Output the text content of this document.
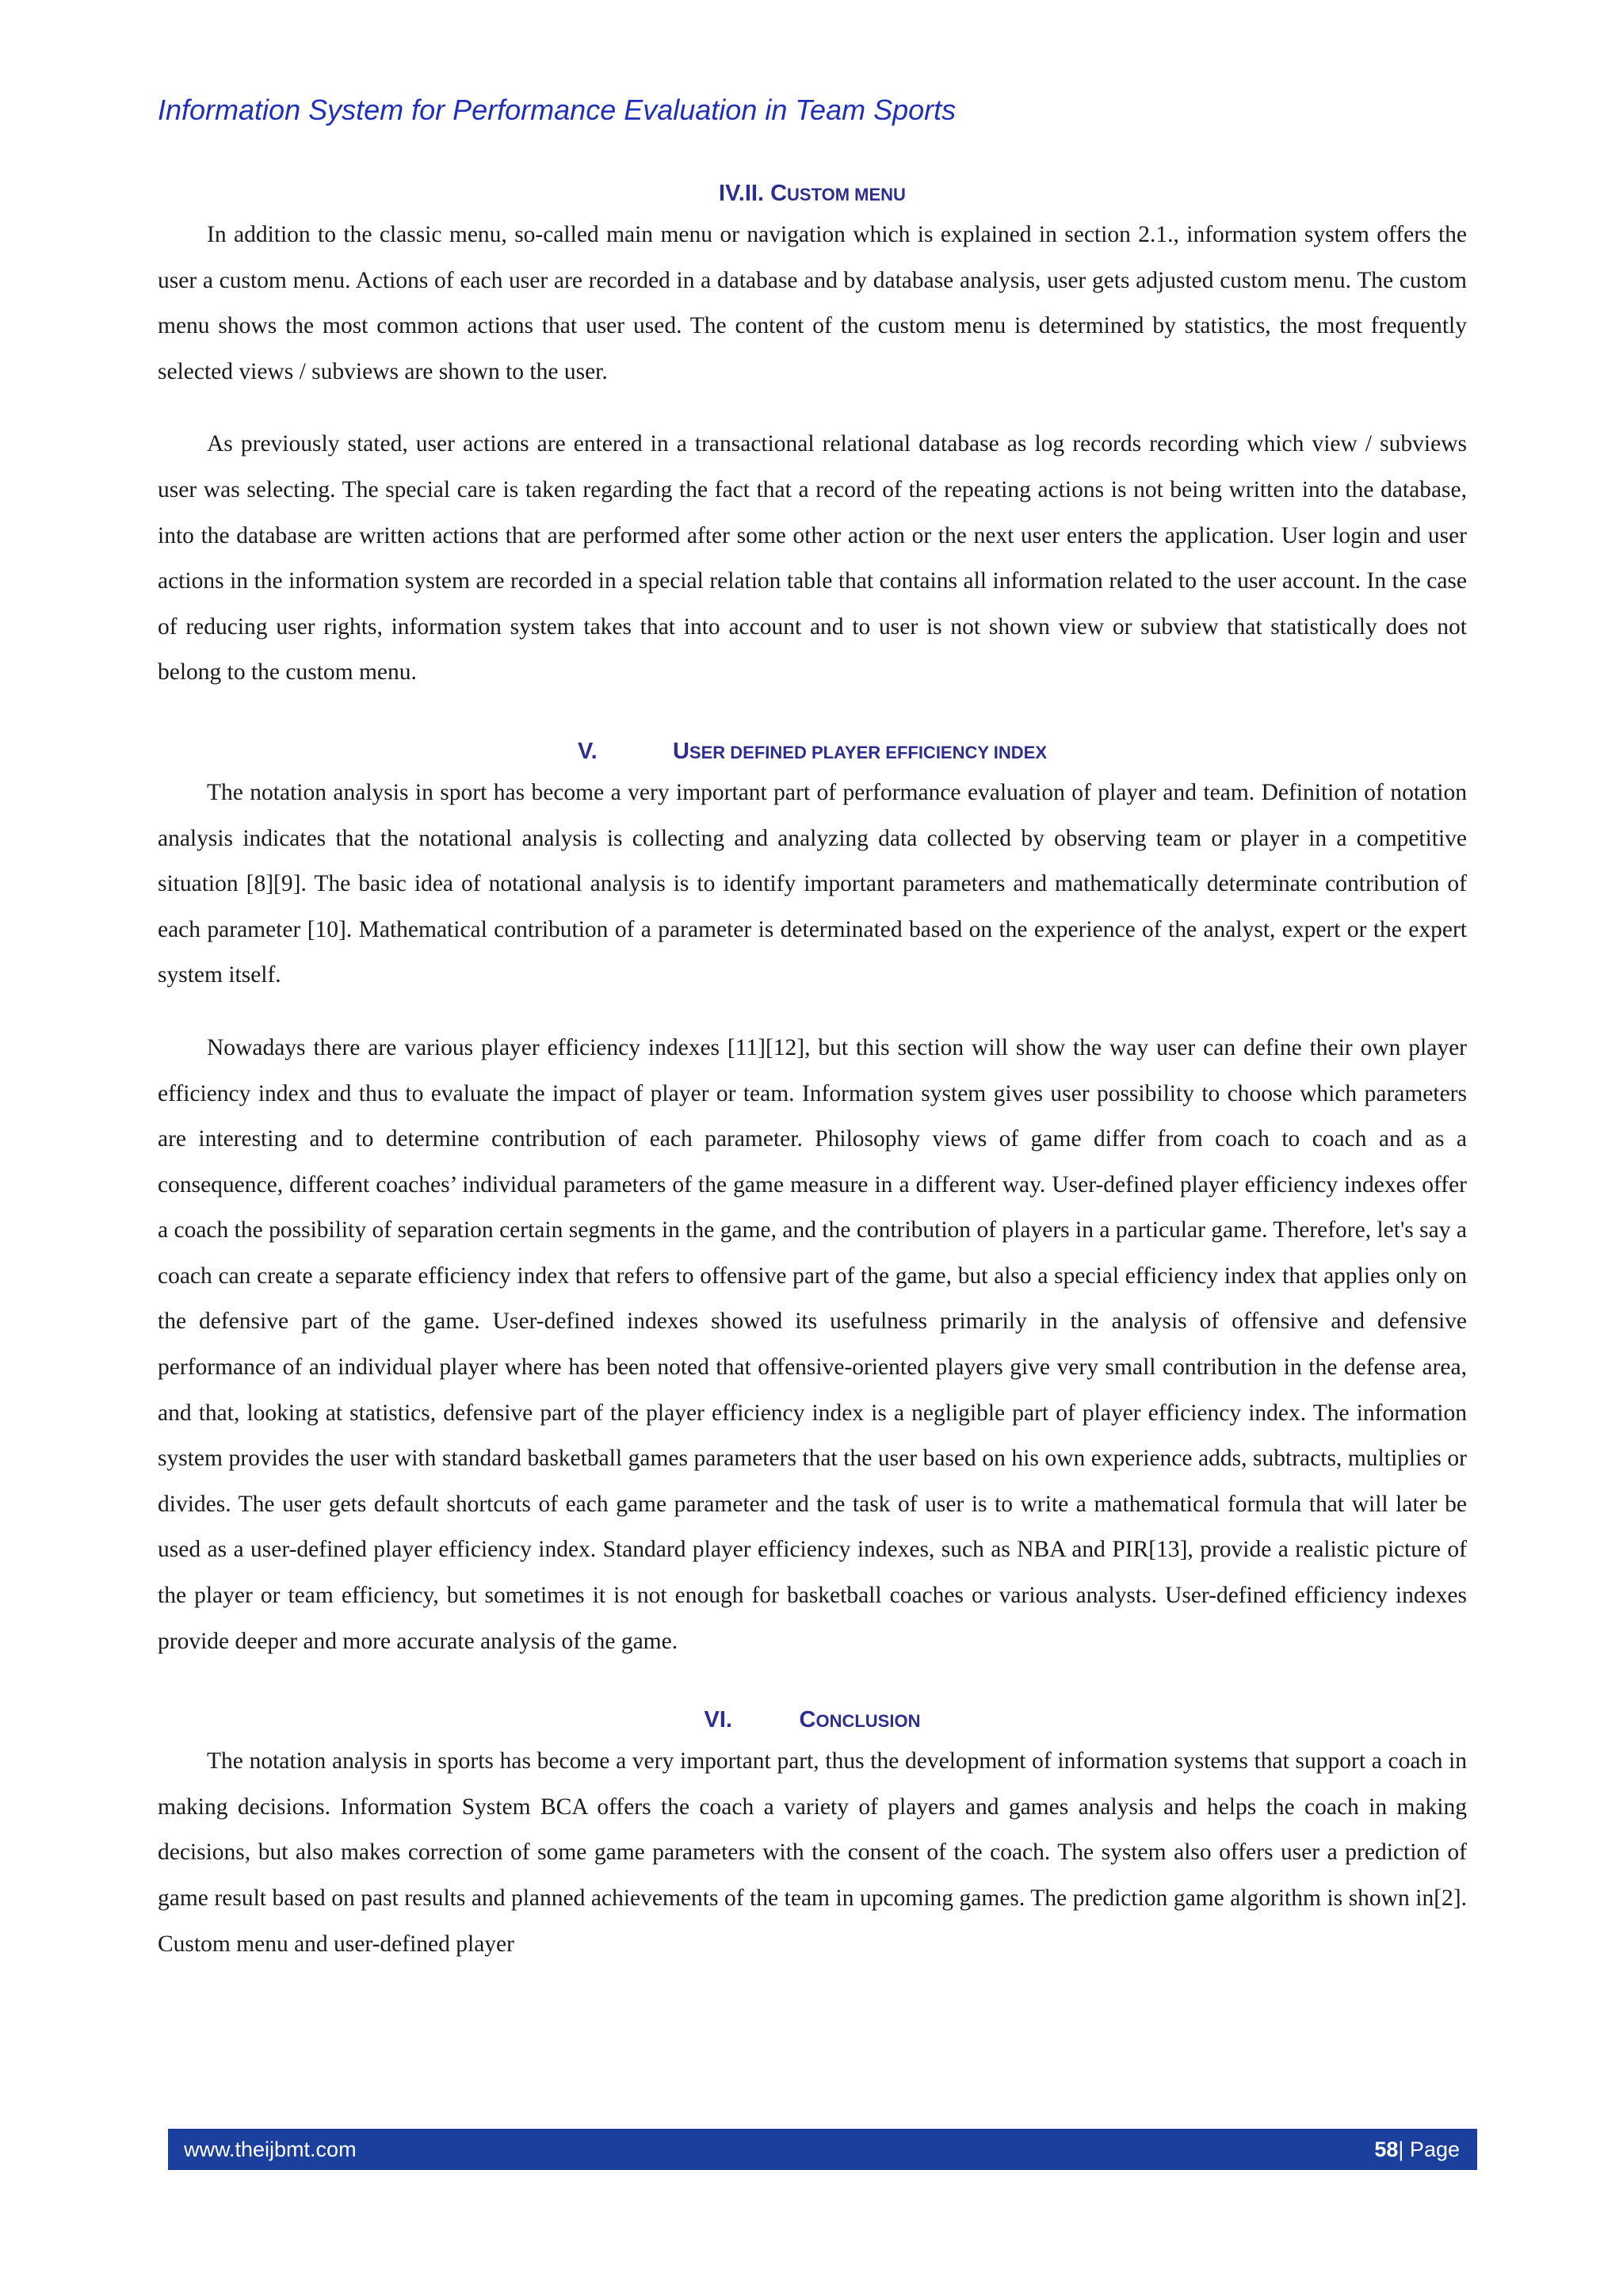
Information System for Performance Evaluation in Team Sports
IV.II. CUSTOM MENU

In addition to the classic menu, so-called main menu or navigation which is explained in section 2.1., information system offers the user a custom menu. Actions of each user are recorded in a database and by database analysis, user gets adjusted custom menu. The custom menu shows the most common actions that user used. The content of the custom menu is determined by statistics, the most frequently selected views / subviews are shown to the user.

As previously stated, user actions are entered in a transactional relational database as log records recording which view / subviews user was selecting. The special care is taken regarding the fact that a record of the repeating actions is not being written into the database, into the database are written actions that are performed after some other action or the next user enters the application. User login and user actions in the information system are recorded in a special relation table that contains all information related to the user account. In the case of reducing user rights, information system takes that into account and to user is not shown view or subview that statistically does not belong to the custom menu.

V.	USER DEFINED PLAYER EFFICIENCY INDEX

The notation analysis in sport has become a very important part of performance evaluation of player and team. Definition of notation analysis indicates that the notational analysis is collecting and analyzing data collected by observing team or player in a competitive situation [8][9]. The basic idea of notational analysis is to identify important parameters and mathematically determinate contribution of each parameter [10]. Mathematical contribution of a parameter is determinated based on the experience of the analyst, expert or the expert system itself.

Nowadays there are various player efficiency indexes [11][12], but this section will show the way user can define their own player efficiency index and thus to evaluate the impact of player or team. Information system gives user possibility to choose which parameters are interesting and to determine contribution of each parameter. Philosophy views of game differ from coach to coach and as a consequence, different coaches’ individual parameters of the game measure in a different way. User-defined player efficiency indexes offer a coach the possibility of separation certain segments in the game, and the contribution of players in a particular game. Therefore, let's say a coach can create a separate efficiency index that refers to offensive part of the game, but also a special efficiency index that applies only on the defensive part of the game. User-defined indexes showed its usefulness primarily in the analysis of offensive and defensive performance of an individual player where has been noted that offensive-oriented players give very small contribution in the defense area, and that, looking at statistics, defensive part of the player efficiency index is a negligible part of player efficiency index. The information system provides the user with standard basketball games parameters that the user based on his own experience adds, subtracts, multiplies or divides. The user gets default shortcuts of each game parameter and the task of user is to write a mathematical formula that will later be used as a user-defined player efficiency index. Standard player efficiency indexes, such as NBA and PIR[13], provide a realistic picture of the player or team efficiency, but sometimes it is not enough for basketball coaches or various analysts. User-defined efficiency indexes provide deeper and more accurate analysis of the game.

VI.	CONCLUSION

The notation analysis in sports has become a very important part, thus the development of information systems that support a coach in making decisions. Information System BCA offers the coach a variety of players and games analysis and helps the coach in making decisions, but also makes correction of some game parameters with the consent of the coach. The system also offers user a prediction of game result based on past results and planned achievements of the team in upcoming games. The prediction game algorithm is shown in[2]. Custom menu and user-defined player

www.theijbmt.com	58| Page
